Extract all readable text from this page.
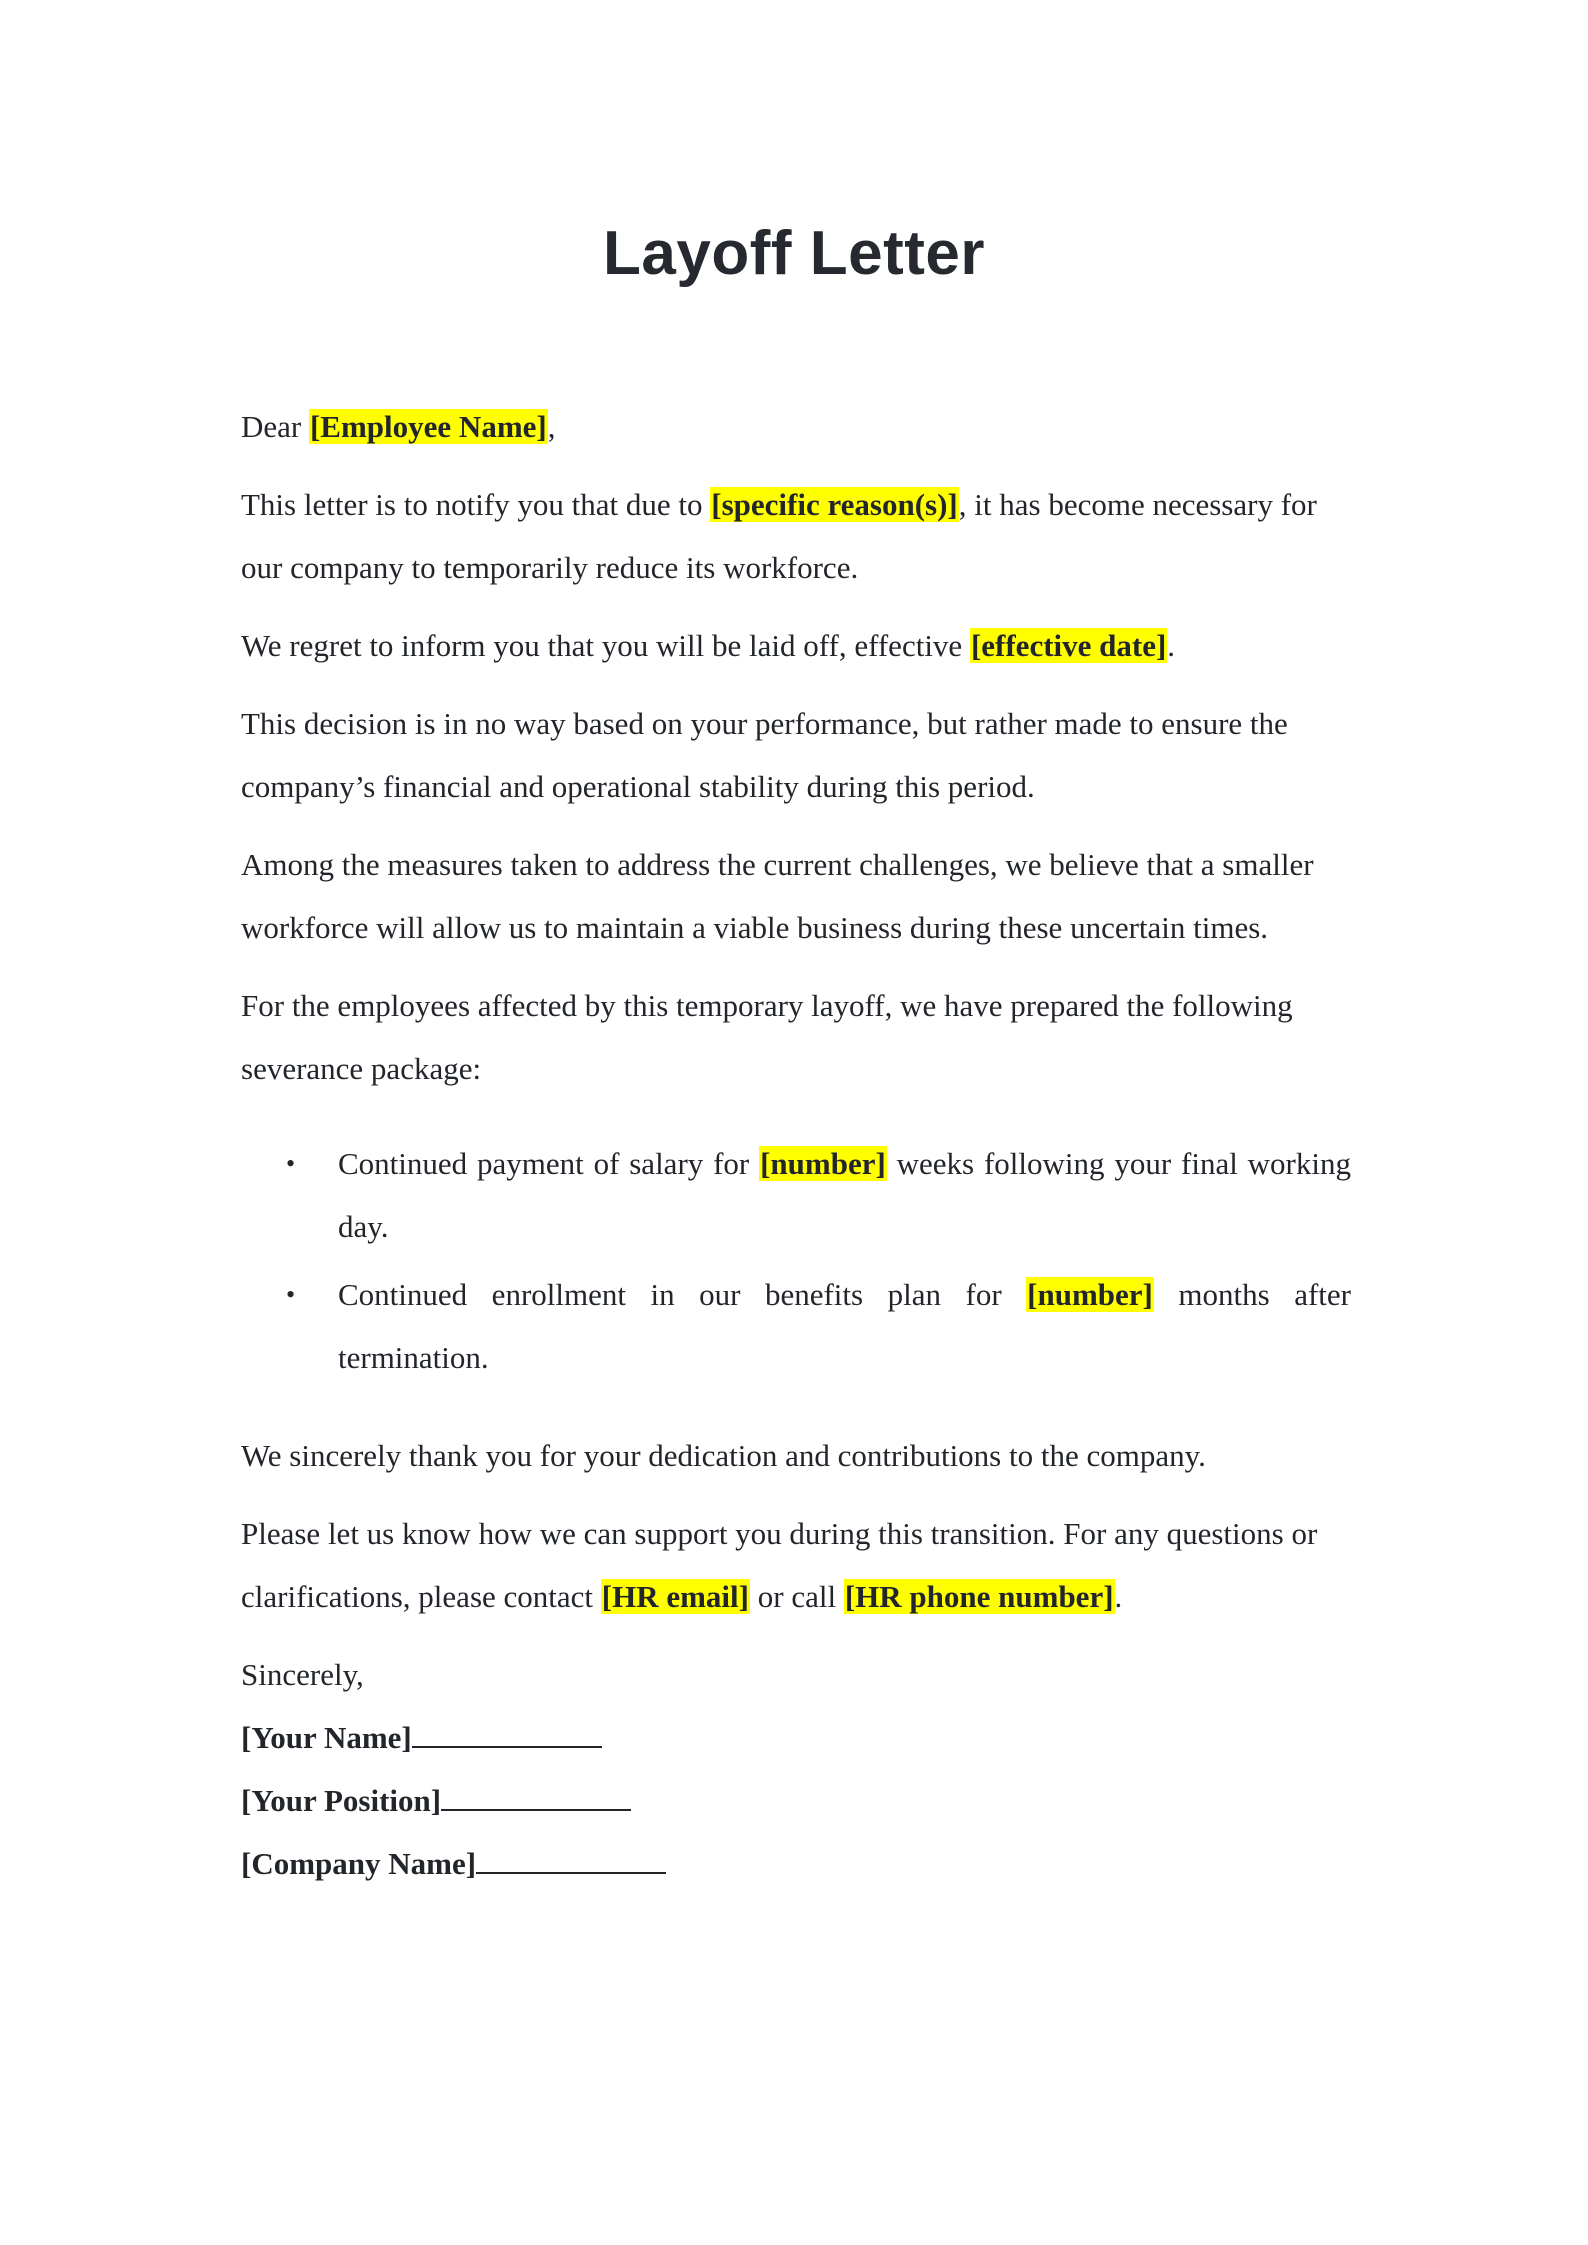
Layoff Letter

Dear [Employee Name],

This letter is to notify you that due to [specific reason(s)], it has become necessary for our company to temporarily reduce its workforce.

We regret to inform you that you will be laid off, effective [effective date].

This decision is in no way based on your performance, but rather made to ensure the company’s financial and operational stability during this period.

Among the measures taken to address the current challenges, we believe that a smaller workforce will allow us to maintain a viable business during these uncertain times.

For the employees affected by this temporary layoff, we have prepared the following severance package:

• Continued payment of salary for [number] weeks following your final working day.
• Continued enrollment in our benefits plan for [number] months after termination.

We sincerely thank you for your dedication and contributions to the company.

Please let us know how we can support you during this transition. For any questions or clarifications, please contact [HR email] or call [HR phone number].

Sincerely,

[Your Name]

[Your Position]

[Company Name]
